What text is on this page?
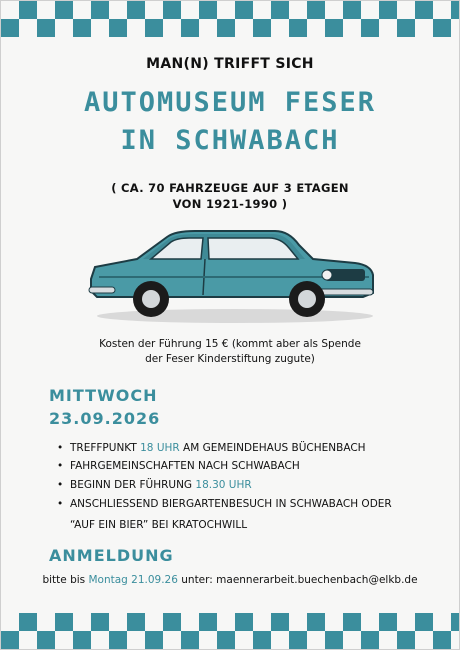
MAN(N) TRIFFT SICH
AUTOMUSEUM FESER
IN SCHWABACH
( CA. 70 FAHRZEUGE AUF 3 ETAGEN
VON 1921-1990 )
Kosten der Führung 15 € (kommt aber als Spende
der Feser Kinderstiftung zugute)
MITTWOCH
23.09.2026
• TREFFPUNKT 18 UHR AM GEMEINDEHAUS BÜCHENBACH
• FAHRGEMEINSCHAFTEN NACH SCHWABACH
• BEGINN DER FÜHRUNG 18.30 UHR
• ANSCHLIESSEND BIERGARTENBESUCH IN SCHWABACH ODER
“AUF EIN BIER” BEI KRATOCHWILL
ANMELDUNG
bitte bis Montag 21.09.26 unter: maennerarbeit.buechenbach@elkb.de
